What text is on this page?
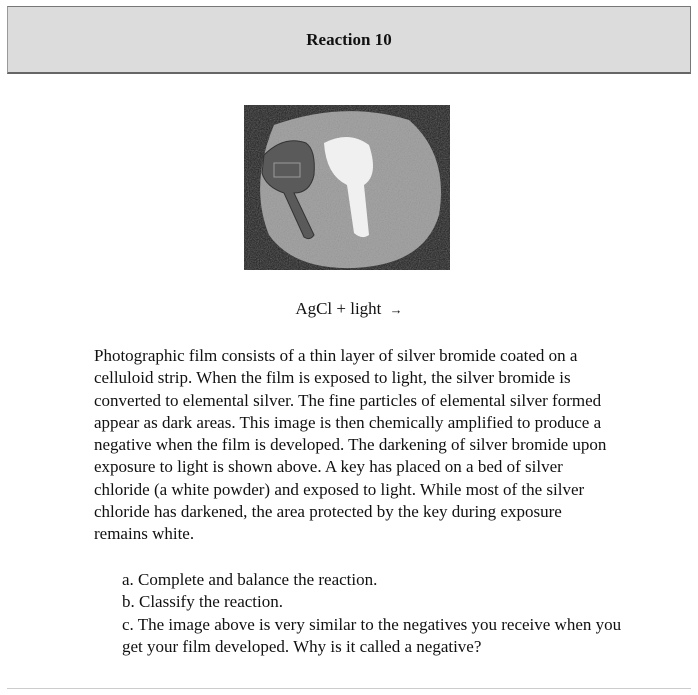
Reaction 10
AgCl + light →
Photographic film consists of a thin layer of silver bromide coated on a celluloid strip. When the film is exposed to light, the silver bromide is converted to elemental silver. The fine particles of elemental silver formed appear as dark areas. This image is then chemically amplified to produce a negative when the film is developed. The darkening of silver bromide upon exposure to light is shown above. A key has placed on a bed of silver chloride (a white powder) and exposed to light. While most of the silver chloride has darkened, the area protected by the key during exposure remains white.
a. Complete and balance the reaction.
b. Classify the reaction.
c. The image above is very similar to the negatives you receive when you get your film developed. Why is it called a negative?
